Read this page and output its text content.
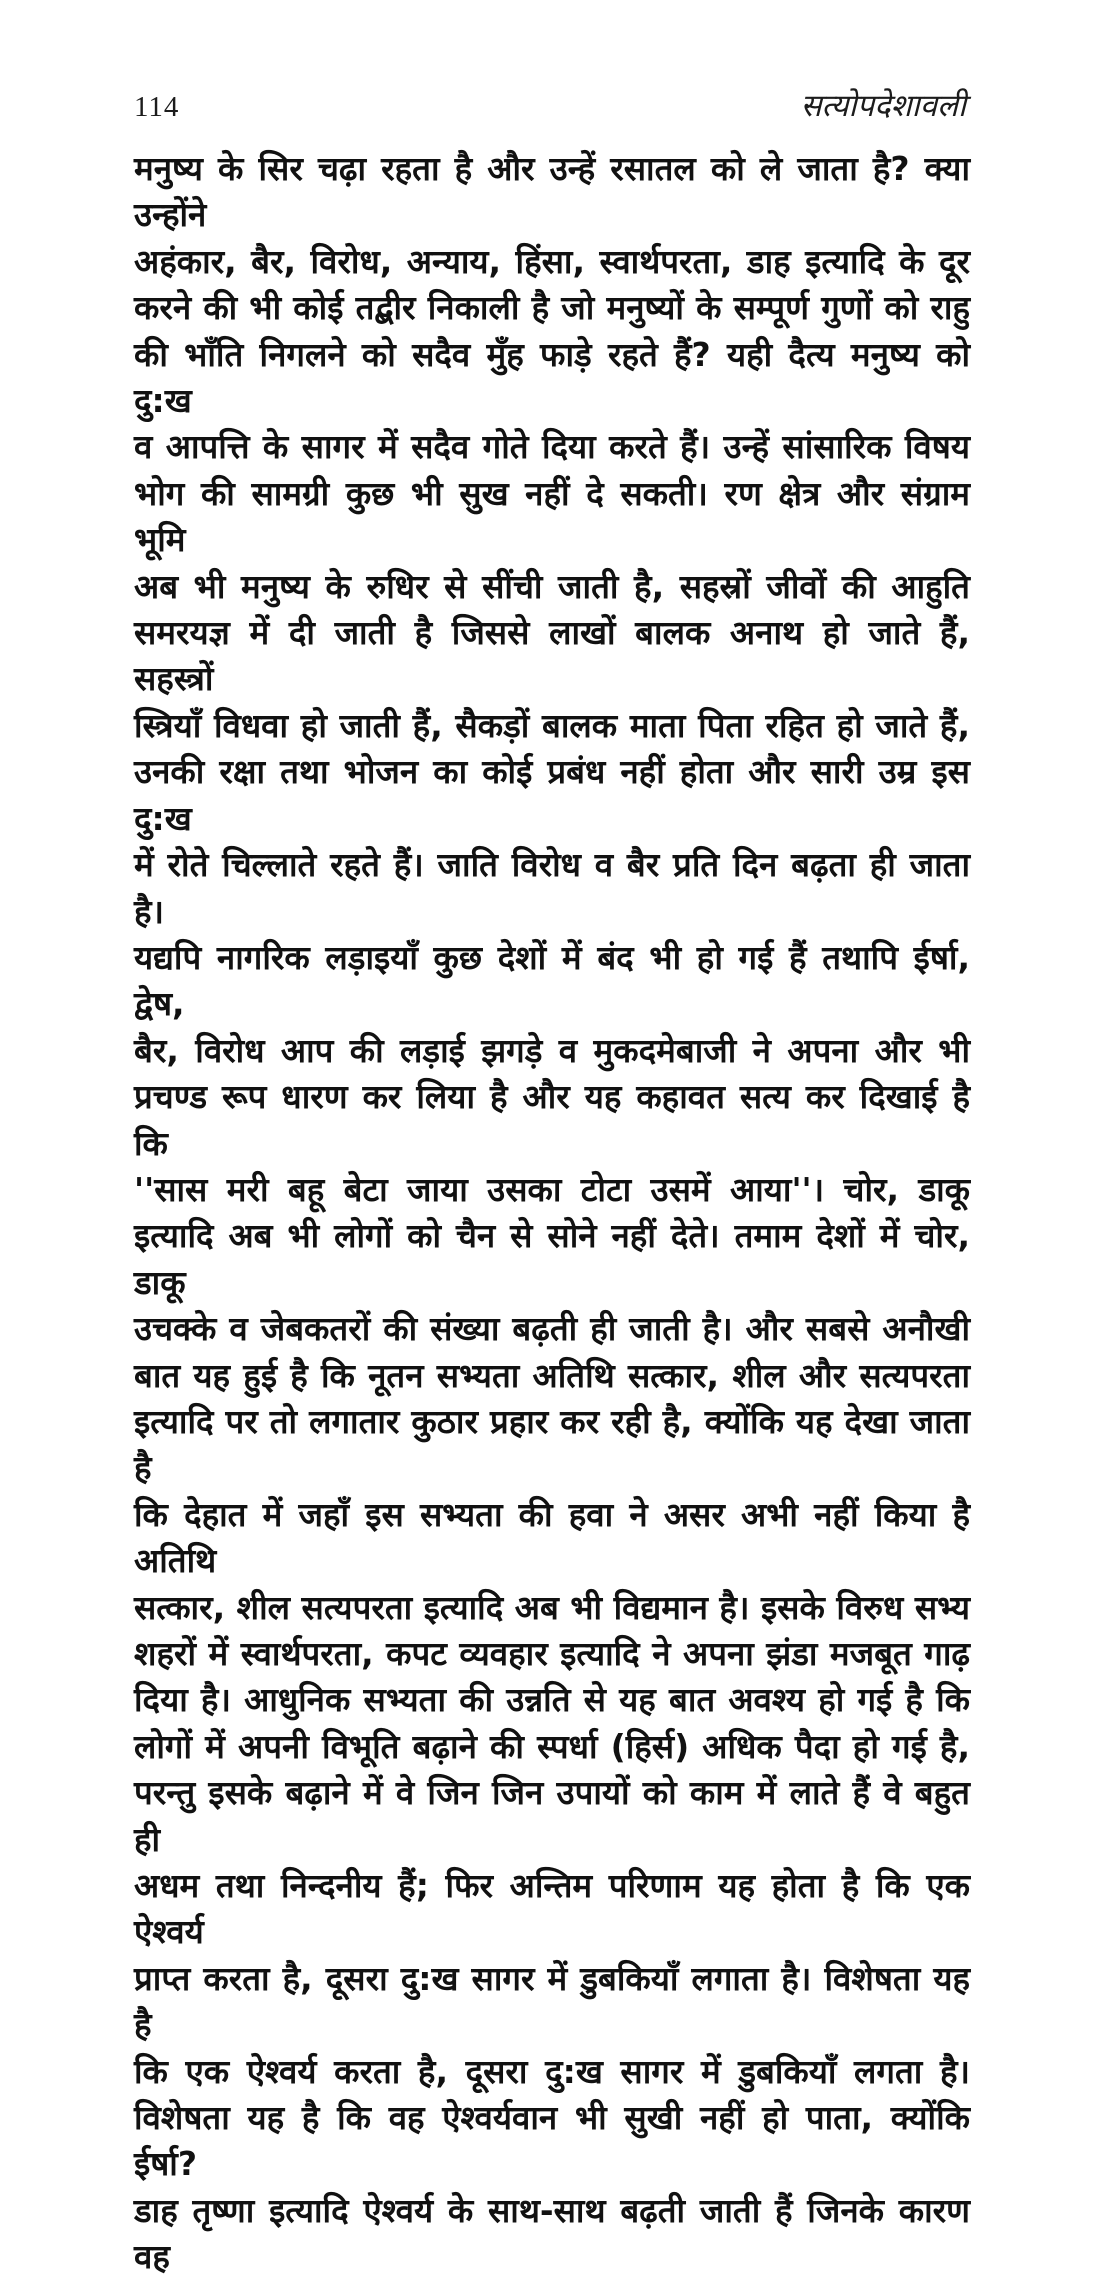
114	सत्योपदेशावली
मनुष्य के सिर चढ़ा रहता है और उन्हें रसातल को ले जाता है? क्या उन्होंने
अहंकार, बैर, विरोध, अन्याय, हिंसा, स्वार्थपरता, डाह इत्यादि के दूर
करने की भी कोई तद्बीर निकाली है जो मनुष्यों के सम्पूर्ण गुणों को राहु
की भाँति निगलने को सदैव मुँह फाड़े रहते हैं? यही दैत्य मनुष्य को दु:ख
व आपत्ति के सागर में सदैव गोते दिया करते हैं। उन्हें सांसारिक विषय
भोग की सामग्री कुछ भी सुख नहीं दे सकती। रण क्षेत्र और संग्राम भूमि
अब भी मनुष्य के रुधिर से सींची जाती है, सहस्रों जीवों की आहुति
समरयज्ञ में दी जाती है जिससे लाखों बालक अनाथ हो जाते हैं, सहस्त्रों
स्त्रियाँ विधवा हो जाती हैं, सैकड़ों बालक माता पिता रहित हो जाते हैं,
उनकी रक्षा तथा भोजन का कोई प्रबंध नहीं होता और सारी उम्र इस दु:ख
में रोते चिल्लाते रहते हैं। जाति विरोध व बैर प्रति दिन बढ़ता ही जाता है।
यद्यपि नागरिक लड़ाइयाँ कुछ देशों में बंद भी हो गई हैं तथापि ईर्षा, द्वेष,
बैर, विरोध आप की लड़ाई झगड़े व मुकदमेबाजी ने अपना और भी
प्रचण्ड रूप धारण कर लिया है और यह कहावत सत्य कर दिखाई है कि
''सास मरी बहू बेटा जाया उसका टोटा उसमें आया''। चोर, डाकू
इत्यादि अब भी लोगों को चैन से सोने नहीं देते। तमाम देशों में चोर, डाकू
उचक्के व जेबकतरों की संख्या बढ़ती ही जाती है। और सबसे अनौखी
बात यह हुई है कि नूतन सभ्यता अतिथि सत्कार, शील और सत्यपरता
इत्यादि पर तो लगातार कुठार प्रहार कर रही है, क्योंकि यह देखा जाता है
कि देहात में जहाँ इस सभ्यता की हवा ने असर अभी नहीं किया है अतिथि
सत्कार, शील सत्यपरता इत्यादि अब भी विद्यमान है। इसके विरुध सभ्य
शहरों में स्वार्थपरता, कपट व्यवहार इत्यादि ने अपना झंडा मजबूत गाढ़
दिया है। आधुनिक सभ्यता की उन्नति से यह बात अवश्य हो गई है कि
लोगों में अपनी विभूति बढ़ाने की स्पर्धा (हिर्स) अधिक पैदा हो गई है,
परन्तु इसके बढ़ाने में वे जिन जिन उपायों को काम में लाते हैं वे बहुत ही
अधम तथा निन्दनीय हैं; फिर अन्तिम परिणाम यह होता है कि एक ऐश्वर्य
प्राप्त करता है, दूसरा दु:ख सागर में डुबकियाँ लगाता है। विशेषता यह है
कि एक ऐश्वर्य करता है, दूसरा दु:ख सागर में डुबकियाँ लगता है।
विशेषता यह है कि वह ऐश्वर्यवान भी सुखी नहीं हो पाता, क्योंकि ईर्षा?
डाह तृष्णा इत्यादि ऐश्वर्य के साथ-साथ बढ़ती जाती हैं जिनके कारण वह
